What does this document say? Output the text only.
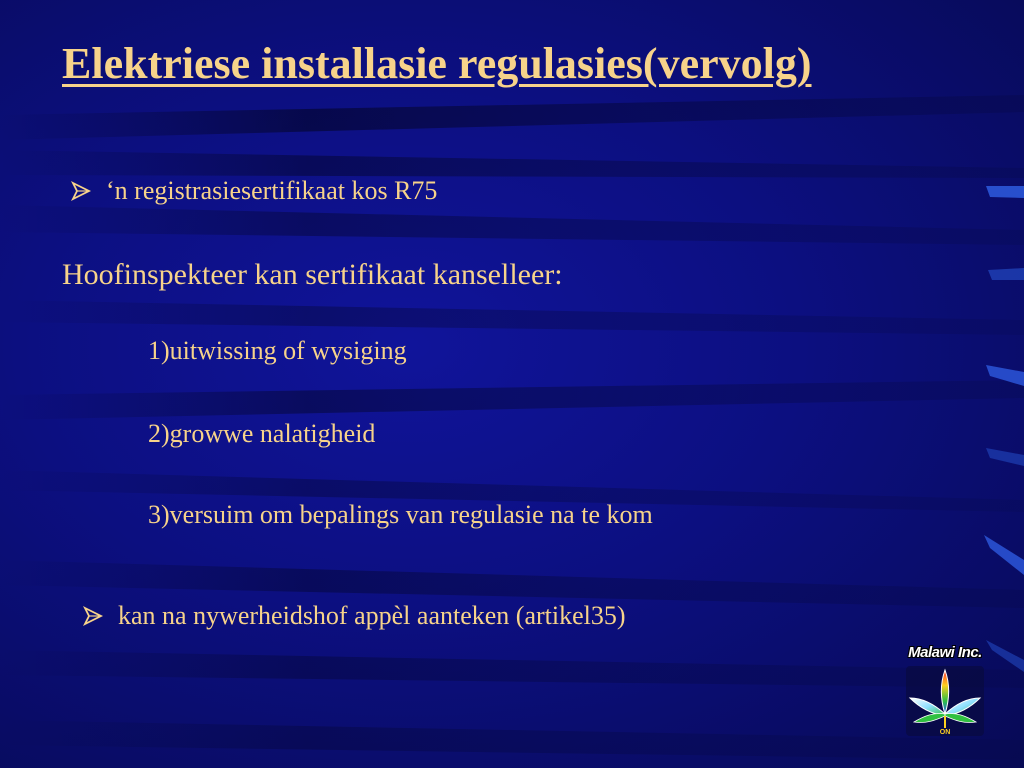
Elektriese installasie regulasies(vervolg)
‘n registrasiesertifikaat kos R75
Hoofinspekteer kan sertifikaat kanselleer:
1)uitwissing of wysiging
2)growwe nalatigheid
3)versuim om bepalings van regulasie na te kom
kan na nywerheidshof appèl aanteken (artikel35)
Malawi Inc.
ON
